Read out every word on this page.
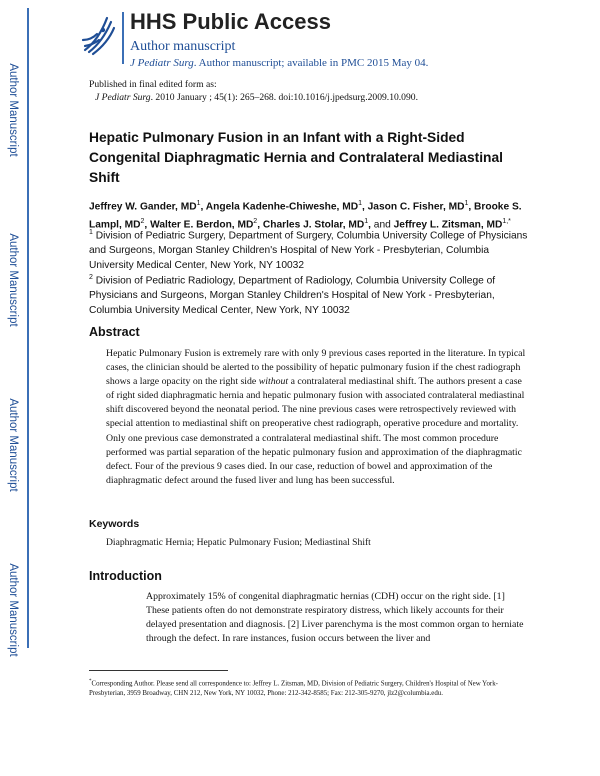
Author Manuscript
Author Manuscript
Author Manuscript
Author Manuscript
HHS Public Access
Author manuscript
J Pediatr Surg. Author manuscript; available in PMC 2015 May 04.
Published in final edited form as:
J Pediatr Surg. 2010 January ; 45(1): 265–268. doi:10.1016/j.jpedsurg.2009.10.090.
Hepatic Pulmonary Fusion in an Infant with a Right-Sided Congenital Diaphragmatic Hernia and Contralateral Mediastinal Shift
Jeffrey W. Gander, $MD^1$, Angela Kadenhe-Chiweshe, $MD^1$, Jason C. Fisher, $MD^1$, Brooke S. Lampl, $MD^2$, Walter E. Berdon, $MD^2$, Charles J. Stolar, $MD^1$, and Jeffrey L. Zitsman, $MD^{1,*}$
$^1$ Division of Pediatric Surgery, Department of Surgery, Columbia University College of Physicians and Surgeons, Morgan Stanley Children's Hospital of New York - Presbyterian, Columbia University Medical Center, New York, NY 10032
$^2$ Division of Pediatric Radiology, Department of Radiology, Columbia University College of Physicians and Surgeons, Morgan Stanley Children's Hospital of New York - Presbyterian, Columbia University Medical Center, New York, NY 10032
Abstract
Hepatic Pulmonary Fusion is extremely rare with only 9 previous cases reported in the literature. In typical cases, the clinician should be alerted to the possibility of hepatic pulmonary fusion if the chest radiograph shows a large opacity on the right side without a contralateral mediastinal shift. The authors present a case of right sided diaphragmatic hernia and hepatic pulmonary fusion with associated contralateral mediastinal shift discovered beyond the neonatal period. The nine previous cases were retrospectively reviewed with special attention to mediastinal shift on preoperative chest radiograph, operative procedure and mortality. Only one previous case demonstrated a contralateral mediastinal shift. The most common procedure performed was partial separation of the hepatic pulmonary fusion and approximation of the diaphragmatic defect. Four of the previous 9 cases died. In our case, reduction of bowel and approximation of the diaphragmatic defect around the fused liver and lung has been successful.
Keywords
Diaphragmatic Hernia; Hepatic Pulmonary Fusion; Mediastinal Shift
Introduction
Approximately 15% of congenital diaphragmatic hernias (CDH) occur on the right side. [1] These patients often do not demonstrate respiratory distress, which likely accounts for their delayed presentation and diagnosis. [2] Liver parenchyma is the most common organ to herniate through the defect. In rare instances, fusion occurs between the liver and
*Corresponding Author. Please send all correspondence to: Jeffrey L. Zitsman, MD, Division of Pediatric Surgery, Children's Hospital of New York-Presbyterian, 3959 Broadway, CHN 212, New York, NY 10032, Phone: 212-342-8585; Fax: 212-305-9270, jlz2@columbia.edu.
